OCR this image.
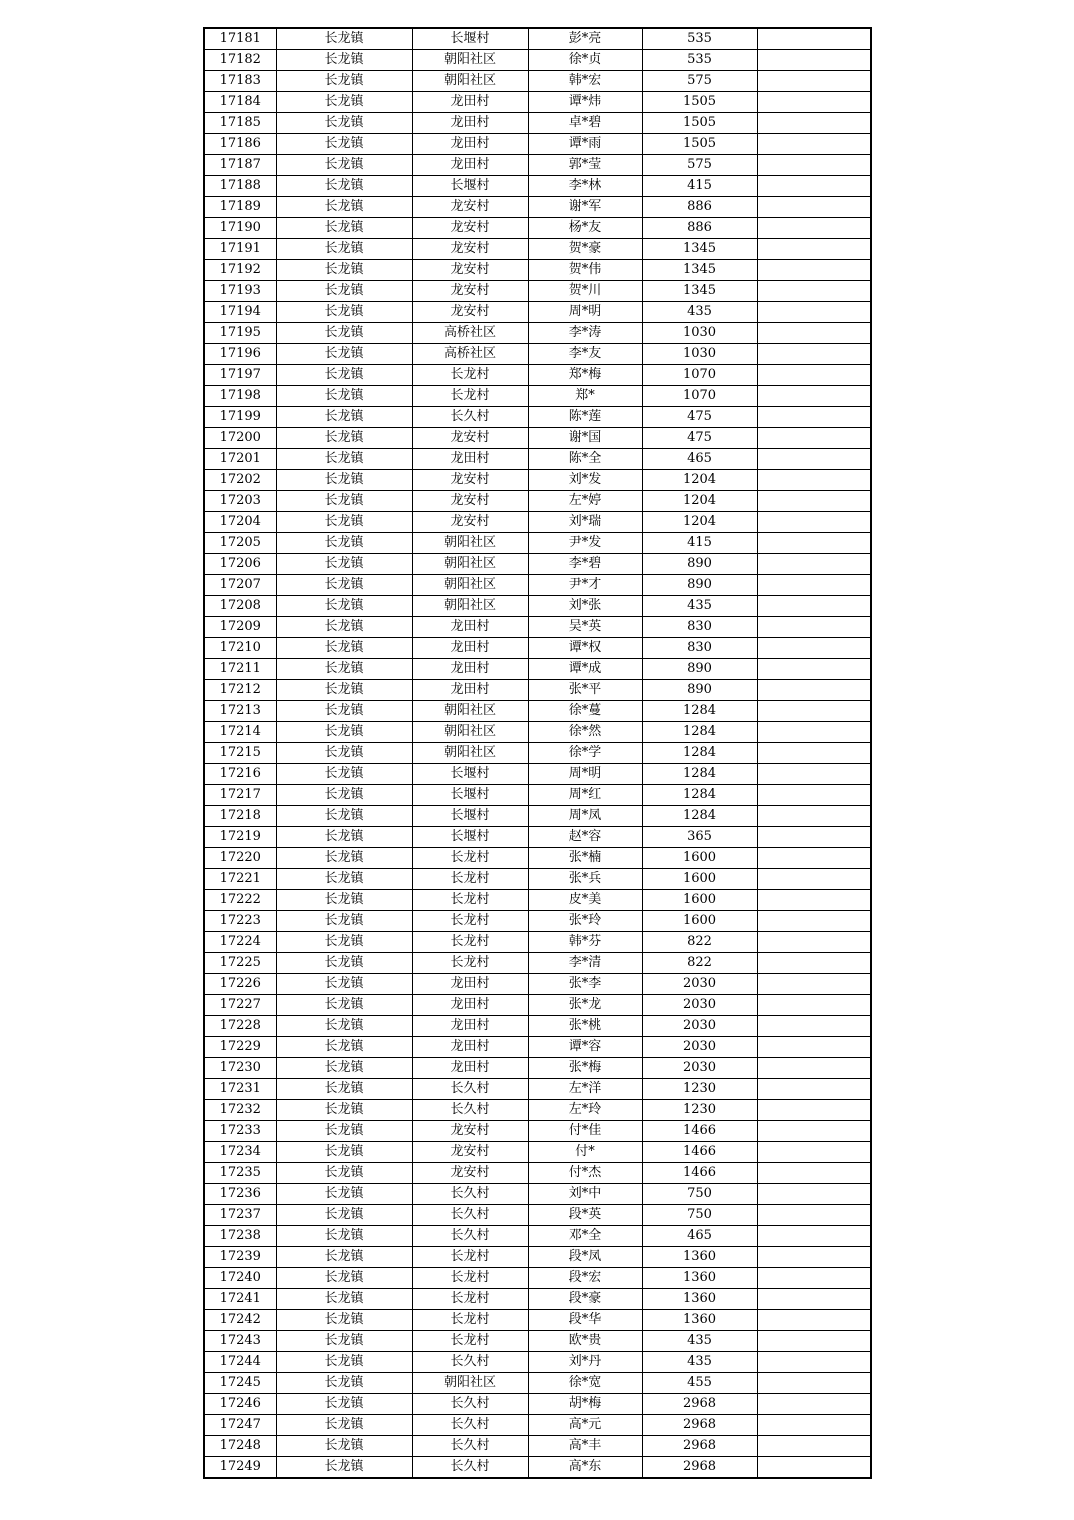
17181	长龙镇	长堰村	彭*亮	535	
17182	长龙镇	朝阳社区	徐*贞	535	
17183	长龙镇	朝阳社区	韩*宏	575	
17184	长龙镇	龙田村	谭*炜	1505	
17185	长龙镇	龙田村	卓*碧	1505	
17186	长龙镇	龙田村	谭*雨	1505	
17187	长龙镇	龙田村	郭*莹	575	
17188	长龙镇	长堰村	李*林	415	
17189	长龙镇	龙安村	谢*军	886	
17190	长龙镇	龙安村	杨*友	886	
17191	长龙镇	龙安村	贺*豪	1345	
17192	长龙镇	龙安村	贺*伟	1345	
17193	长龙镇	龙安村	贺*川	1345	
17194	长龙镇	龙安村	周*明	435	
17195	长龙镇	高桥社区	李*涛	1030	
17196	长龙镇	高桥社区	李*友	1030	
17197	长龙镇	长龙村	郑*梅	1070	
17198	长龙镇	长龙村	郑*	1070	
17199	长龙镇	长久村	陈*莲	475	
17200	长龙镇	龙安村	谢*国	475	
17201	长龙镇	龙田村	陈*全	465	
17202	长龙镇	龙安村	刘*发	1204	
17203	长龙镇	龙安村	左*婷	1204	
17204	长龙镇	龙安村	刘*瑞	1204	
17205	长龙镇	朝阳社区	尹*发	415	
17206	长龙镇	朝阳社区	李*碧	890	
17207	长龙镇	朝阳社区	尹*才	890	
17208	长龙镇	朝阳社区	刘*张	435	
17209	长龙镇	龙田村	吴*英	830	
17210	长龙镇	龙田村	谭*权	830	
17211	长龙镇	龙田村	谭*成	890	
17212	长龙镇	龙田村	张*平	890	
17213	长龙镇	朝阳社区	徐*蔓	1284	
17214	长龙镇	朝阳社区	徐*然	1284	
17215	长龙镇	朝阳社区	徐*学	1284	
17216	长龙镇	长堰村	周*明	1284	
17217	长龙镇	长堰村	周*红	1284	
17218	长龙镇	长堰村	周*凤	1284	
17219	长龙镇	长堰村	赵*容	365	
17220	长龙镇	长龙村	张*楠	1600	
17221	长龙镇	长龙村	张*兵	1600	
17222	长龙镇	长龙村	皮*美	1600	
17223	长龙镇	长龙村	张*玲	1600	
17224	长龙镇	长龙村	韩*芬	822	
17225	长龙镇	长龙村	李*清	822	
17226	长龙镇	龙田村	张*李	2030	
17227	长龙镇	龙田村	张*龙	2030	
17228	长龙镇	龙田村	张*桃	2030	
17229	长龙镇	龙田村	谭*容	2030	
17230	长龙镇	龙田村	张*梅	2030	
17231	长龙镇	长久村	左*洋	1230	
17232	长龙镇	长久村	左*玲	1230	
17233	长龙镇	龙安村	付*佳	1466	
17234	长龙镇	龙安村	付*	1466	
17235	长龙镇	龙安村	付*杰	1466	
17236	长龙镇	长久村	刘*中	750	
17237	长龙镇	长久村	段*英	750	
17238	长龙镇	长久村	邓*全	465	
17239	长龙镇	长龙村	段*凤	1360	
17240	长龙镇	长龙村	段*宏	1360	
17241	长龙镇	长龙村	段*豪	1360	
17242	长龙镇	长龙村	段*华	1360	
17243	长龙镇	长龙村	欧*贵	435	
17244	长龙镇	长久村	刘*丹	435	
17245	长龙镇	朝阳社区	徐*宽	455	
17246	长龙镇	长久村	胡*梅	2968	
17247	长龙镇	长久村	高*元	2968	
17248	长龙镇	长久村	高*丰	2968	
17249	长龙镇	长久村	高*东	2968	
